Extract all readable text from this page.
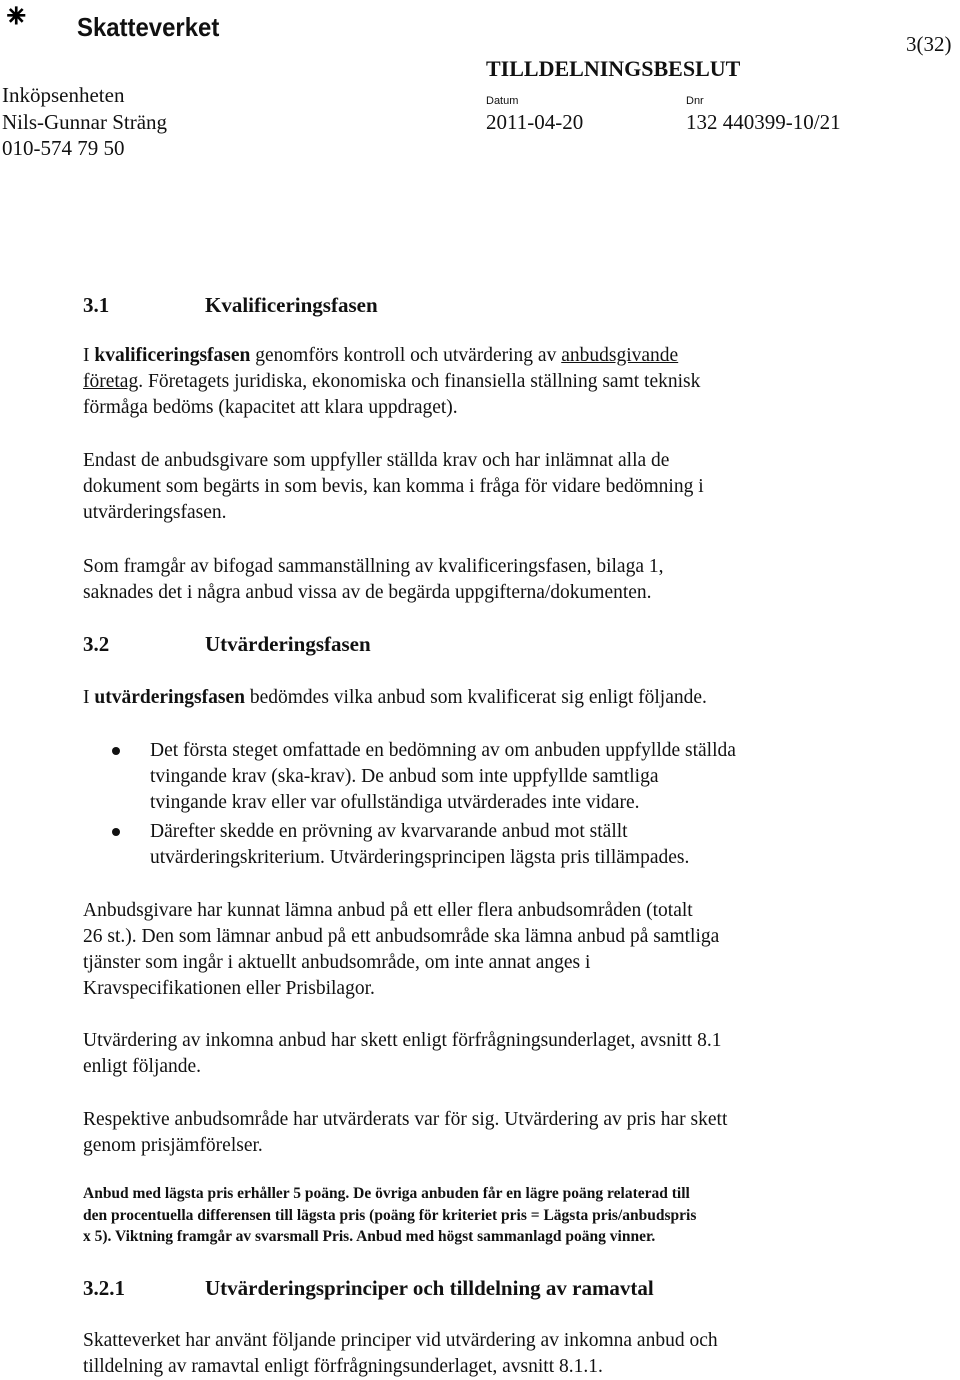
⁕ Skatteverket
3(32)
TILLDELNINGSBESLUT
Inköpsenheten
Nils-Gunnar Sträng
010-574 79 50
Datum
2011-04-20
Dnr
132 440399-10/21
3.1	Kvalificeringsfasen
I kvalificeringsfasen genomförs kontroll och utvärdering av anbudsgivande
företag. Företagets juridiska, ekonomiska och finansiella ställning samt teknisk
förmåga bedöms (kapacitet att klara uppdraget).
Endast de anbudsgivare som uppfyller ställda krav och har inlämnat alla de
dokument som begärts in som bevis, kan komma i fråga för vidare bedömning i
utvärderingsfasen.
Som framgår av bifogad sammanställning av kvalificeringsfasen, bilaga 1,
saknades det i några anbud vissa av de begärda uppgifterna/dokumenten.
3.2	Utvärderingsfasen
I utvärderingsfasen bedömdes vilka anbud som kvalificerat sig enligt följande.
Det första steget omfattade en bedömning av om anbuden uppfyllde ställda
tvingande krav (ska-krav). De anbud som inte uppfyllde samtliga
tvingande krav eller var ofullständiga utvärderades inte vidare.
Därefter skedde en prövning av kvarvarande anbud mot ställt
utvärderingskriterium. Utvärderingsprincipen lägsta pris tillämpades.
Anbudsgivare har kunnat lämna anbud på ett eller flera anbudsområden (totalt
26 st.). Den som lämnar anbud på ett anbudsområde ska lämna anbud på samtliga
tjänster som ingår i aktuellt anbudsområde, om inte annat anges i
Kravspecifikationen eller Prisbilagor.
Utvärdering av inkomna anbud har skett enligt förfrågningsunderlaget, avsnitt 8.1
enligt följande.
Respektive anbudsområde har utvärderats var för sig. Utvärdering av pris har skett
genom prisjämförelser.
Anbud med lägsta pris erhåller 5 poäng. De övriga anbuden får en lägre poäng relaterad till
den procentuella differensen till lägsta pris (poäng för kriteriet pris = Lägsta pris/anbudspris
x 5). Viktning framgår av svarsmall Pris. Anbud med högst sammanlagd poäng vinner.
3.2.1	Utvärderingsprinciper och tilldelning av ramavtal
Skatteverket har använt följande principer vid utvärdering av inkomna anbud och
tilldelning av ramavtal enligt förfrågningsunderlaget, avsnitt 8.1.1.
